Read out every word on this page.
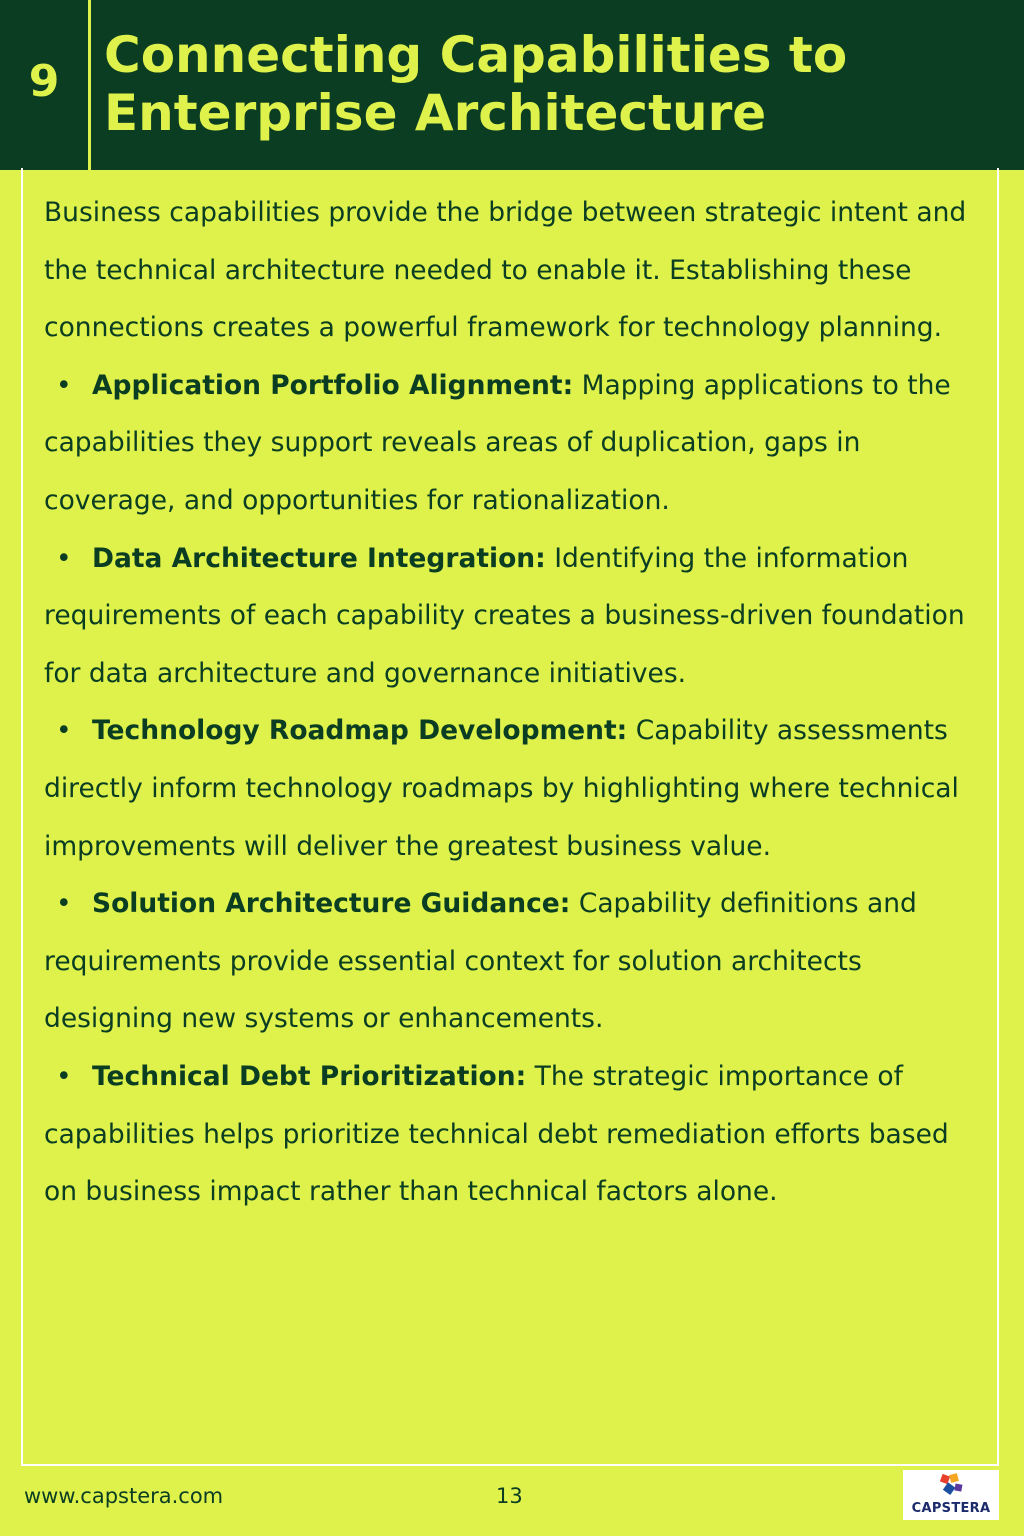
9 Connecting Capabilities to
Enterprise Architecture

Business capabilities provide the bridge between strategic intent and the technical architecture needed to enable it. Establishing these connections creates a powerful framework for technology planning.

• Application Portfolio Alignment: Mapping applications to the capabilities they support reveals areas of duplication, gaps in coverage, and opportunities for rationalization.
• Data Architecture Integration: Identifying the information requirements of each capability creates a business-driven foundation for data architecture and governance initiatives.
• Technology Roadmap Development: Capability assessments directly inform technology roadmaps by highlighting where technical improvements will deliver the greatest business value.
• Solution Architecture Guidance: Capability definitions and requirements provide essential context for solution architects designing new systems or enhancements.
• Technical Debt Prioritization: The strategic importance of capabilities helps prioritize technical debt remediation efforts based on business impact rather than technical factors alone.
www.capstera.com	13
CAPSTERA
